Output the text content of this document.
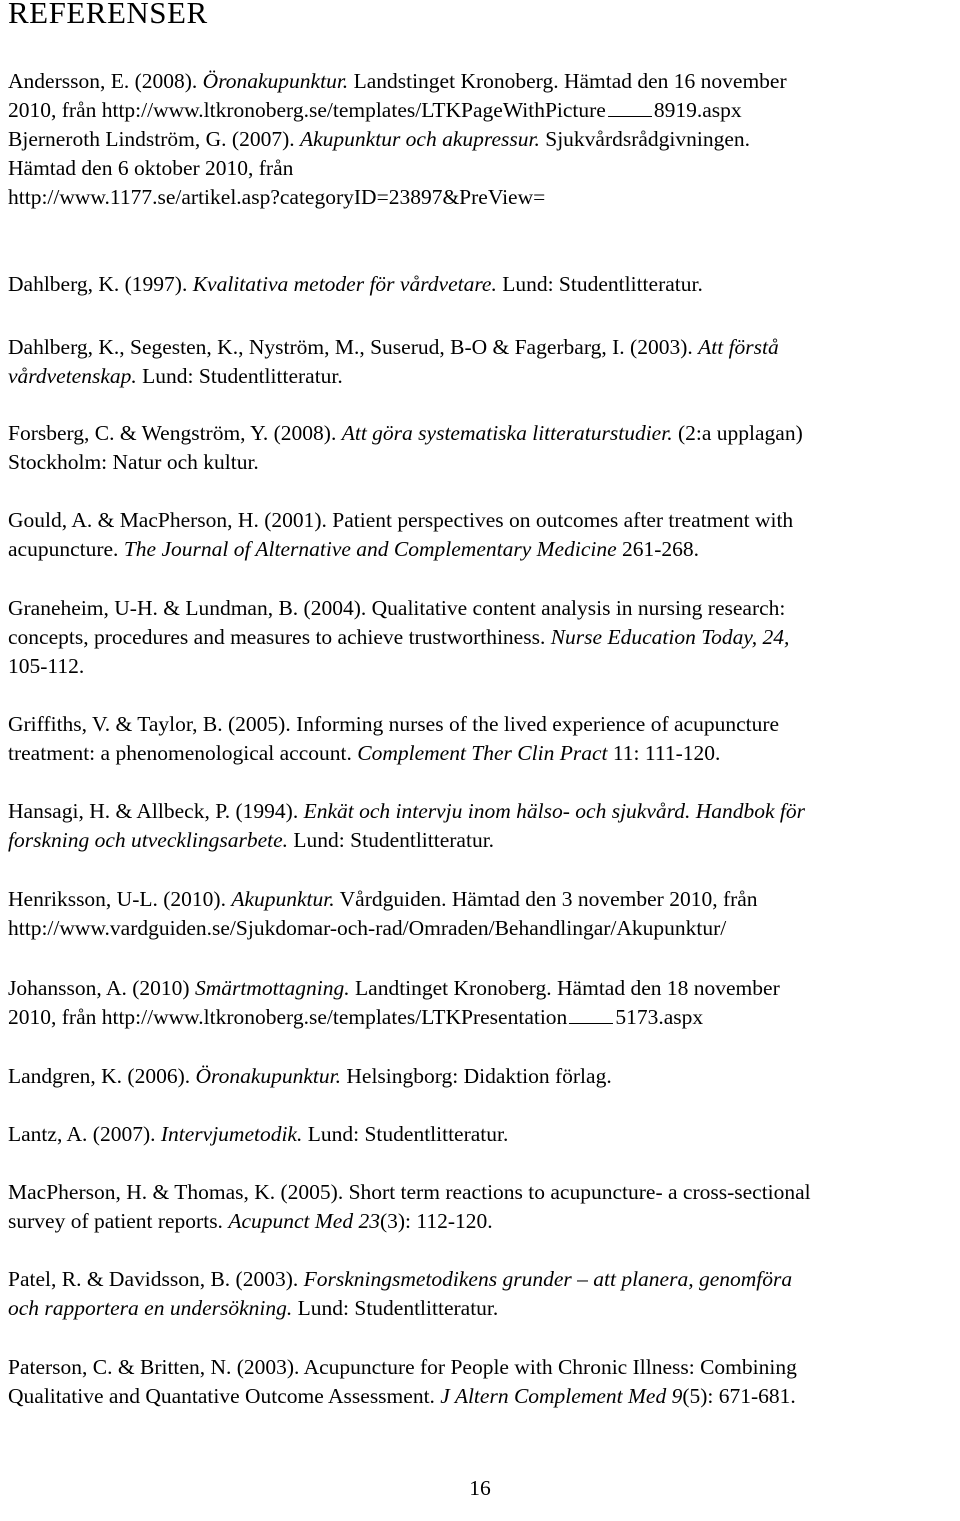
REFERENSER

Andersson, E. (2008). Öronakupunktur. Landstinget Kronoberg. Hämtad den 16 november
2010, från http://www.ltkronoberg.se/templates/LTKPageWithPicture 8919.aspx

Bjerneroth Lindström, G. (2007). Akupunktur och akupressur. Sjukvårdsrådgivningen.
Hämtad den 6 oktober 2010, från
http://www.1177.se/artikel.asp?categoryID=23897&PreView=

Dahlberg, K. (1997). Kvalitativa metoder för vårdvetare. Lund: Studentlitteratur.

Dahlberg, K., Segesten, K., Nyström, M., Suserud, B-O & Fagerbarg, I. (2003). Att förstå
vårdvetenskap. Lund: Studentlitteratur.

Forsberg, C. & Wengström, Y. (2008). Att göra systematiska litteraturstudier. (2:a upplagan)
Stockholm: Natur och kultur.

Gould, A. & MacPherson, H. (2001). Patient perspectives on outcomes after treatment with
acupuncture. The Journal of Alternative and Complementary Medicine 261-268.

Graneheim, U-H. & Lundman, B. (2004). Qualitative content analysis in nursing research:
concepts, procedures and measures to achieve trustworthiness. Nurse Education Today, 24,
105-112.

Griffiths, V. & Taylor, B. (2005). Informing nurses of the lived experience of acupuncture
treatment: a phenomenological account. Complement Ther Clin Pract 11: 111-120.

Hansagi, H. & Allbeck, P. (1994). Enkät och intervju inom hälso- och sjukvård. Handbok för
forskning och utvecklingsarbete. Lund: Studentlitteratur.

Henriksson, U-L. (2010). Akupunktur. Vårdguiden. Hämtad den 3 november 2010, från
http://www.vardguiden.se/Sjukdomar-och-rad/Omraden/Behandlingar/Akupunktur/

Johansson, A. (2010) Smärtmottagning. Landtinget Kronoberg. Hämtad den 18 november
2010, från http://www.ltkronoberg.se/templates/LTKPresentation 5173.aspx

Landgren, K. (2006). Öronakupunktur. Helsingborg: Didaktion förlag.

Lantz, A. (2007). Intervjumetodik. Lund: Studentlitteratur.

MacPherson, H. & Thomas, K. (2005). Short term reactions to acupuncture- a cross-sectional
survey of patient reports. Acupunct Med 23(3): 112-120.

Patel, R. & Davidsson, B. (2003). Forskningsmetodikens grunder – att planera, genomföra
och rapportera en undersökning. Lund: Studentlitteratur.

Paterson, C. & Britten, N. (2003). Acupuncture for People with Chronic Illness: Combining
Qualitative and Quantative Outcome Assessment. J Altern Complement Med 9(5): 671-681.

16
